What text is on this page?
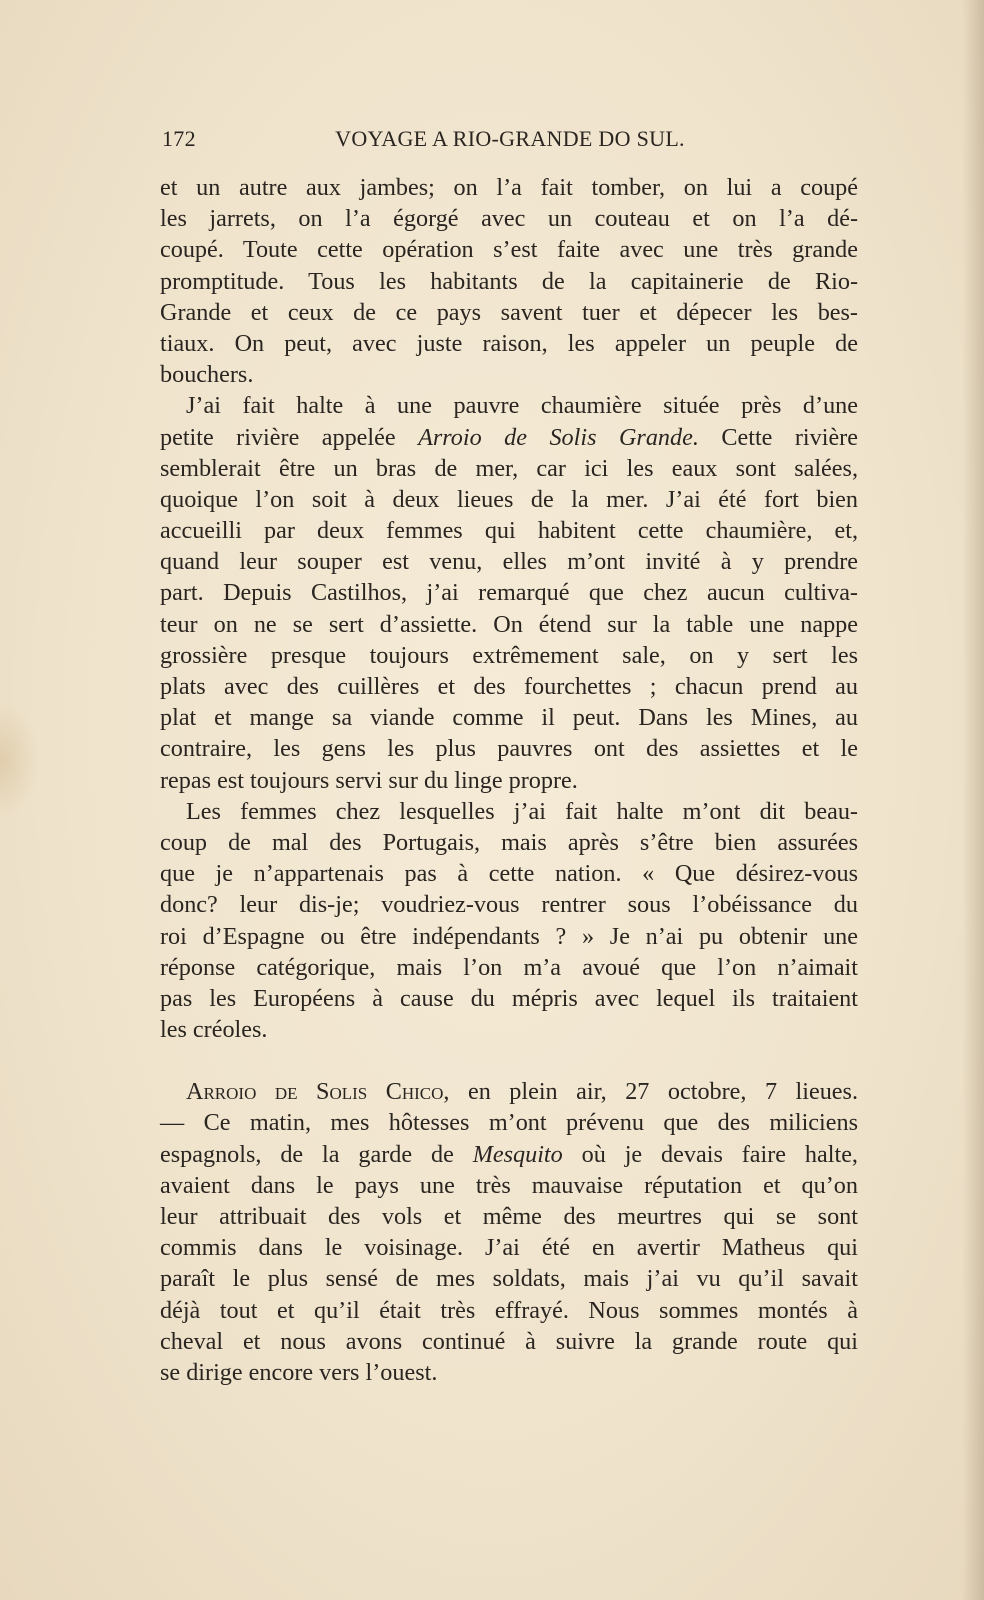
172	VOYAGE A RIO-GRANDE DO SUL.
et un autre aux jambes; on l’a fait tomber, on lui a coupé
les jarrets, on l’a égorgé avec un couteau et on l’a dé-
coupé. Toute cette opération s’est faite avec une très grande
promptitude. Tous les habitants de la capitainerie de Rio-
Grande et ceux de ce pays savent tuer et dépecer les bes-
tiaux. On peut, avec juste raison, les appeler un peuple de
bouchers.
J’ai fait halte à une pauvre chaumière située près d’une
petite rivière appelée Arroio de Solis Grande. Cette rivière
semblerait être un bras de mer, car ici les eaux sont salées,
quoique l’on soit à deux lieues de la mer. J’ai été fort bien
accueilli par deux femmes qui habitent cette chaumière, et,
quand leur souper est venu, elles m’ont invité à y prendre
part. Depuis Castilhos, j’ai remarqué que chez aucun cultiva-
teur on ne se sert d’assiette. On étend sur la table une nappe
grossière presque toujours extrêmement sale, on y sert les
plats avec des cuillères et des fourchettes ; chacun prend au
plat et mange sa viande comme il peut. Dans les Mines, au
contraire, les gens les plus pauvres ont des assiettes et le
repas est toujours servi sur du linge propre.
Les femmes chez lesquelles j’ai fait halte m’ont dit beau-
coup de mal des Portugais, mais après s’être bien assurées
que je n’appartenais pas à cette nation. « Que désirez-vous
donc? leur dis-je; voudriez-vous rentrer sous l’obéissance du
roi d’Espagne ou être indépendants ? » Je n’ai pu obtenir une
réponse catégorique, mais l’on m’a avoué que l’on n’aimait
pas les Européens à cause du mépris avec lequel ils traitaient
les créoles.
Arroio de Solis Chico, en plein air, 27 octobre, 7 lieues.
— Ce matin, mes hôtesses m’ont prévenu que des miliciens
espagnols, de la garde de Mesquito où je devais faire halte,
avaient dans le pays une très mauvaise réputation et qu’on
leur attribuait des vols et même des meurtres qui se sont
commis dans le voisinage. J’ai été en avertir Matheus qui
paraît le plus sensé de mes soldats, mais j’ai vu qu’il savait
déjà tout et qu’il était très effrayé. Nous sommes montés à
cheval et nous avons continué à suivre la grande route qui
se dirige encore vers l’ouest.
